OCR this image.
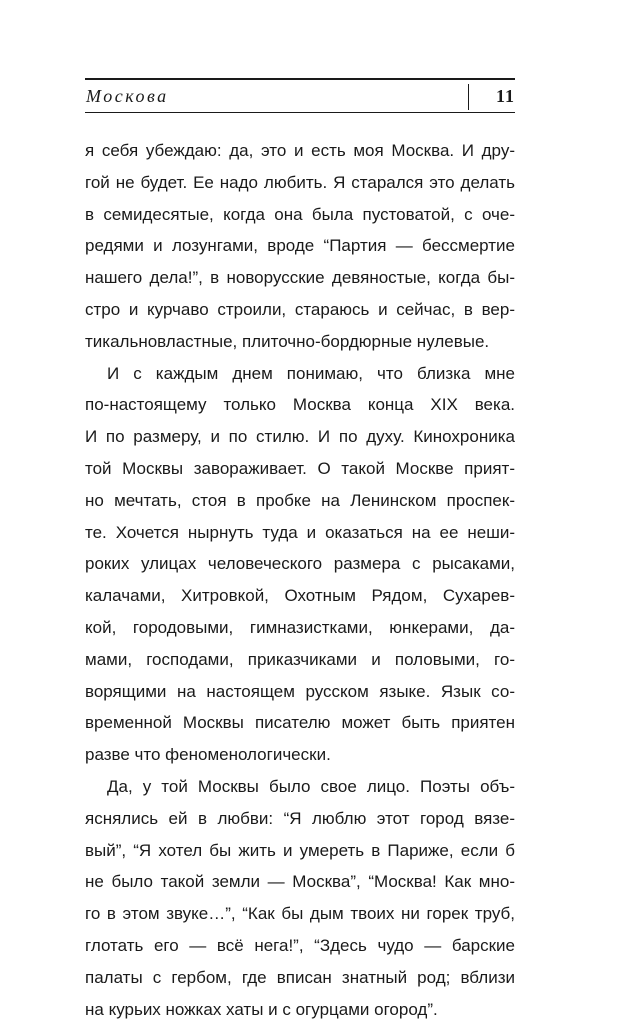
Москова	11
я себя убеждаю: да, это и есть моя Москва. И дру-
гой не будет. Ее надо любить. Я старался это делать
в семидесятые, когда она была пустоватой, с оче-
редями и лозунгами, вроде “Партия — бессмертие
нашего дела!”, в новорусские девяностые, когда бы-
стро и курчаво строили, стараюсь и сейчас, в вер-
тикальновластные, плиточно-бордюрные нулевые.
И с каждым днем понимаю, что близка мне
по-настоящему только Москва конца XIX века.
И по размеру, и по стилю. И по духу. Кинохроника
той Москвы завораживает. О такой Москве прият-
но мечтать, стоя в пробке на Ленинском проспек-
те. Хочется нырнуть туда и оказаться на ее неши-
роких улицах человеческого размера с рысаками,
калачами, Хитровкой, Охотным Рядом, Сухарев-
кой, городовыми, гимназистками, юнкерами, да-
мами, господами, приказчиками и половыми, го-
ворящими на настоящем русском языке. Язык со-
временной Москвы писателю может быть приятен
разве что феноменологически.
Да, у той Москвы было свое лицо. Поэты объ-
яснялись ей в любви: “Я люблю этот город вязе-
вый”, “Я хотел бы жить и умереть в Париже, если б
не было такой земли — Москва”, “Москва! Как мно-
го в этом звуке…”, “Как бы дым твоих ни горек труб,
глотать его — всё нега!”, “Здесь чудо — барские
палаты с гербом, где вписан знатный род; вблизи
на курьих ножках хаты и с огурцами огород”.
